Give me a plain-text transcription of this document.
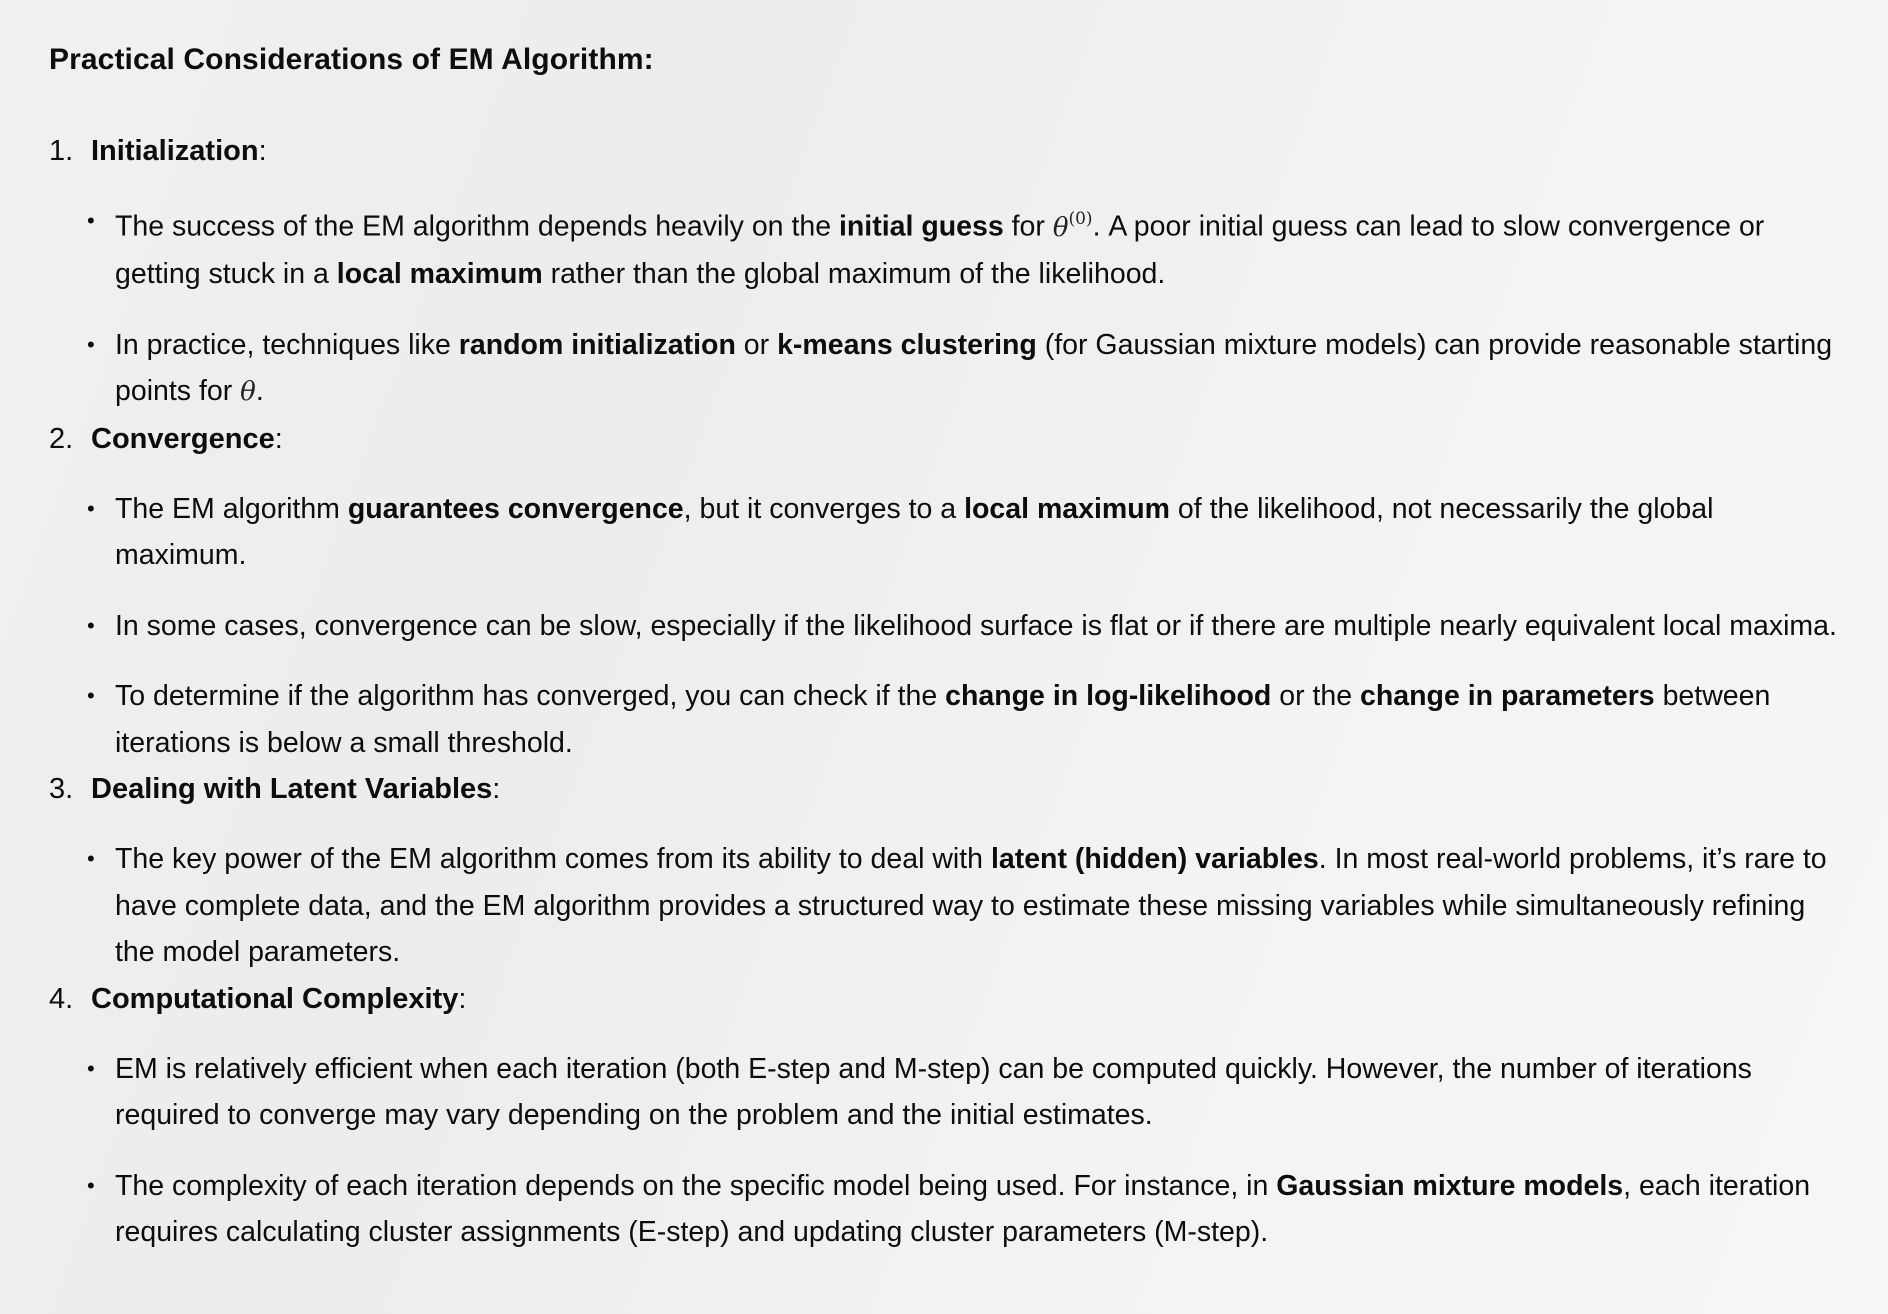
Practical Considerations of EM Algorithm:
1. Initialization:
• The success of the EM algorithm depends heavily on the initial guess for $\theta^{(0)}$. A poor initial guess can lead to slow convergence or getting stuck in a local maximum rather than the global maximum of the likelihood.
• In practice, techniques like random initialization or k-means clustering (for Gaussian mixture models) can provide reasonable starting points for θ.
2. Convergence:
• The EM algorithm guarantees convergence, but it converges to a local maximum of the likelihood, not necessarily the global maximum.
• In some cases, convergence can be slow, especially if the likelihood surface is flat or if there are multiple nearly equivalent local maxima.
• To determine if the algorithm has converged, you can check if the change in log-likelihood or the change in parameters between iterations is below a small threshold.
3. Dealing with Latent Variables:
• The key power of the EM algorithm comes from its ability to deal with latent (hidden) variables. In most real-world problems, it’s rare to have complete data, and the EM algorithm provides a structured way to estimate these missing variables while simultaneously refining the model parameters.
4. Computational Complexity:
• EM is relatively efficient when each iteration (both E-step and M-step) can be computed quickly. However, the number of iterations required to converge may vary depending on the problem and the initial estimates.
• The complexity of each iteration depends on the specific model being used. For instance, in Gaussian mixture models, each iteration requires calculating cluster assignments (E-step) and updating cluster parameters (M-step).
